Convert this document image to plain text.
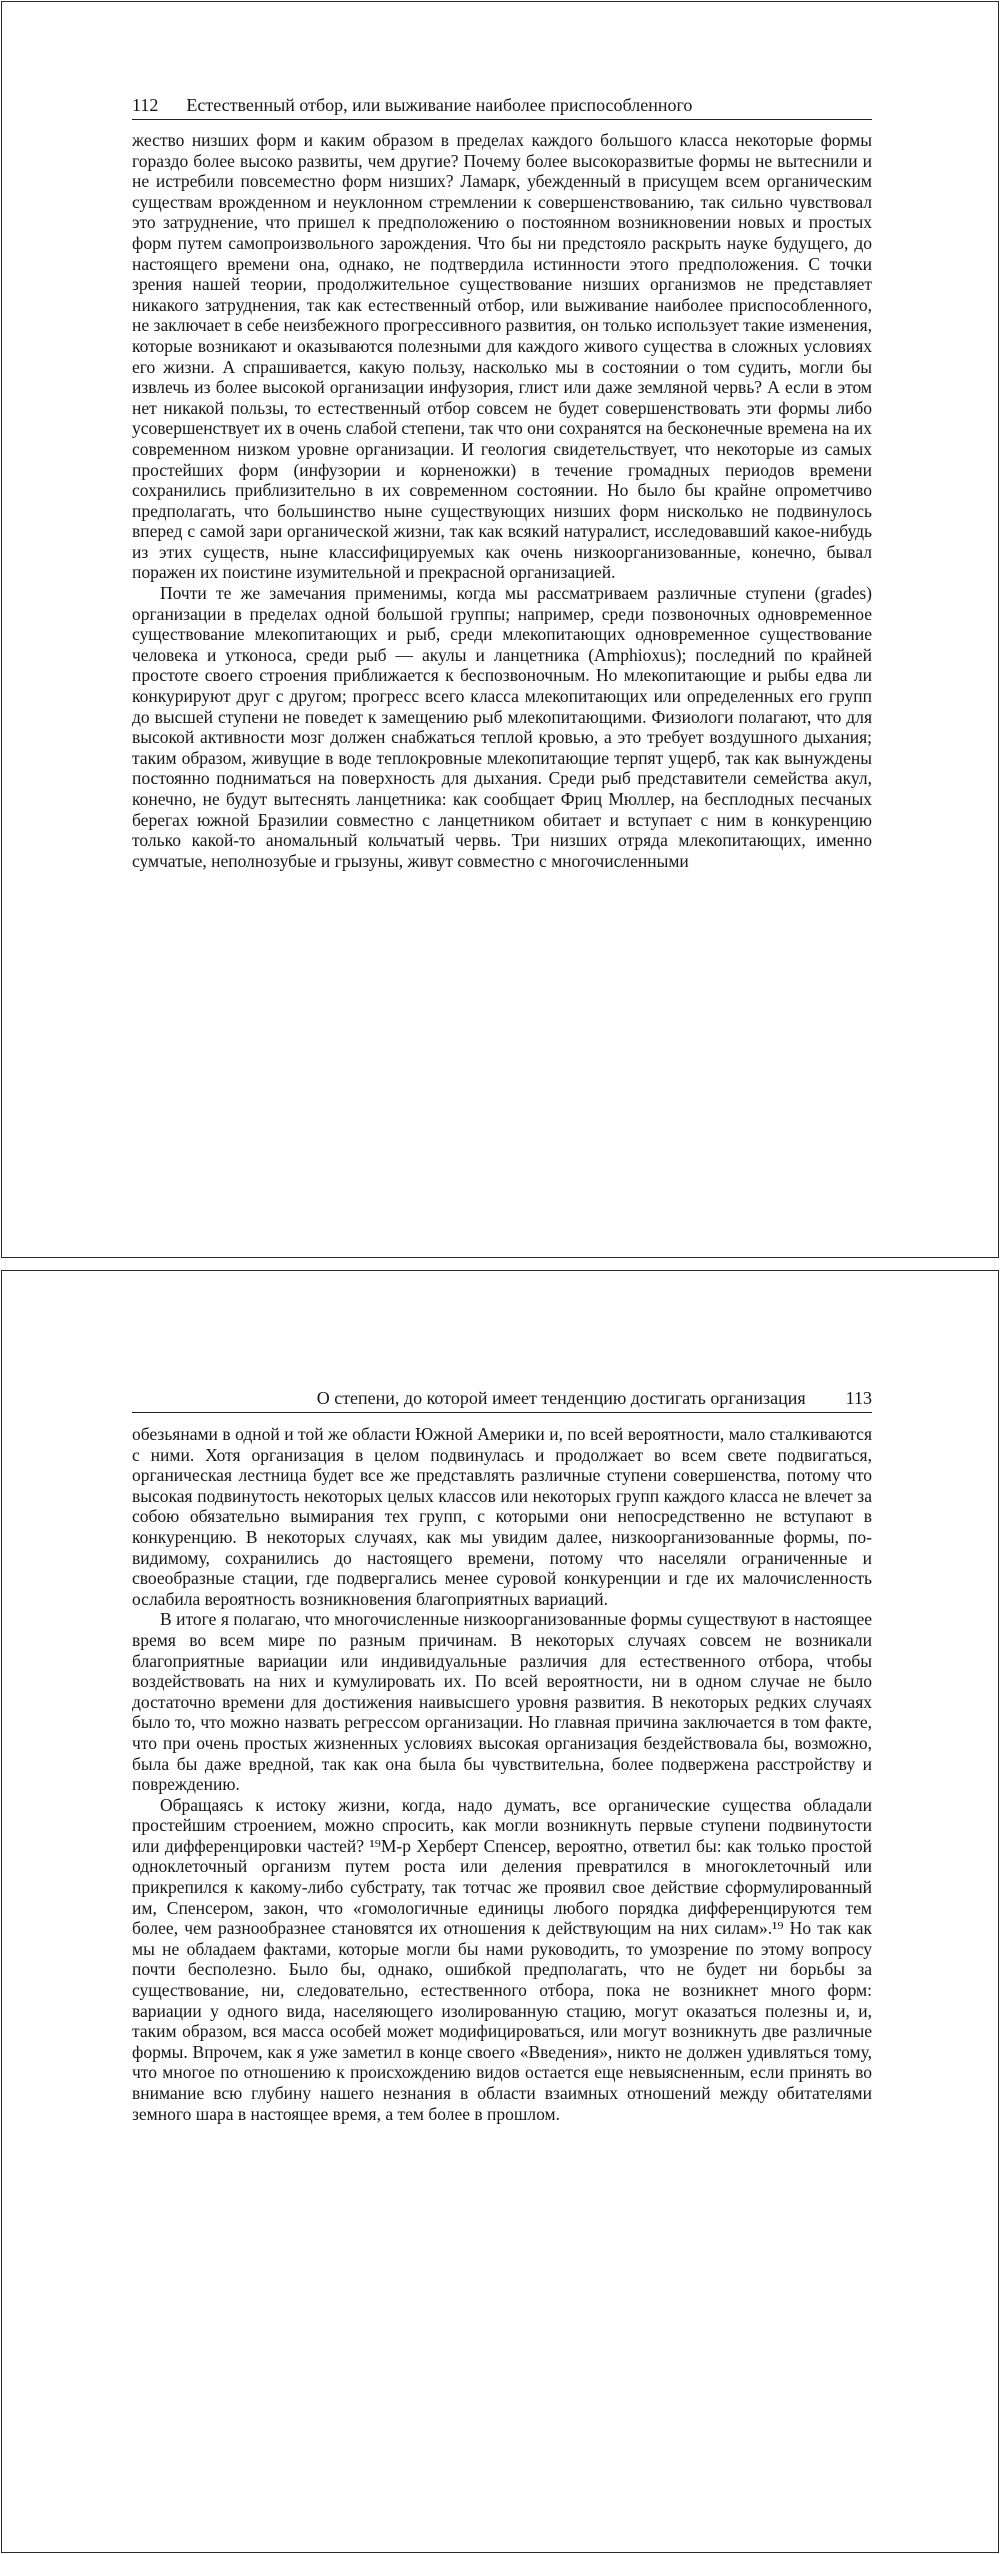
112 Естественный отбор, или выживание наиболее приспособленного

жество низших форм и каким образом в пределах каждого большого класса некоторые формы гораздо более высоко развиты, чем другие? Почему более высокоразвитые формы не вытеснили и не истребили повсеместно форм низших? Ламарк, убежденный в присущем всем органическим существам врожденном и неуклонном стремлении к совершенствованию, так сильно чувствовал это затруднение, что пришел к предположению о постоянном возникновении новых и простых форм путем самопроизвольного зарождения. Что бы ни предстояло раскрыть науке будущего, до настоящего времени она, однако, не подтвердила истинности этого предположения. С точки зрения нашей теории, продолжительное существование низших организмов не представляет никакого затруднения, так как естественный отбор, или выживание наиболее приспособленного, не заключает в себе неизбежного прогрессивного развития, он только использует такие изменения, которые возникают и оказываются полезными для каждого живого существа в сложных условиях его жизни. А спрашивается, какую пользу, насколько мы в состоянии о том судить, могли бы извлечь из более высокой организации инфузория, глист или даже земляной червь? А если в этом нет никакой пользы, то естественный отбор совсем не будет совершенствовать эти формы либо усовершенствует их в очень слабой степени, так что они сохранятся на бесконечные времена на их современном низком уровне организации. И геология свидетельствует, что некоторые из самых простейших форм (инфузории и корненожки) в течение громадных периодов времени сохранились приблизительно в их современном состоянии. Но было бы крайне опрометчиво предполагать, что большинство ныне существующих низших форм нисколько не подвинулось вперед с самой зари органической жизни, так как всякий натуралист, исследовавший какое-нибудь из этих существ, ныне классифицируемых как очень низкоорганизованные, конечно, бывал поражен их поистине изумительной и прекрасной организацией.

Почти те же замечания применимы, когда мы рассматриваем различные ступени (grades) организации в пределах одной большой группы; например, среди позвоночных одновременное существование млекопитающих и рыб, среди млекопитающих одновременное существование человека и утконоса, среди рыб — акулы и ланцетника (Amphioxus); последний по крайней простоте своего строения приближается к беспозвоночным. Но млекопитающие и рыбы едва ли конкурируют друг с другом; прогресс всего класса млекопитающих или определенных его групп до высшей ступени не поведет к замещению рыб млекопитающими. Физиологи полагают, что для высокой активности мозг должен снабжаться теплой кровью, а это требует воздушного дыхания; таким образом, живущие в воде теплокровные млекопитающие терпят ущерб, так как вынуждены постоянно подниматься на поверхность для дыхания. Среди рыб представители семейства акул, конечно, не будут вытеснять ланцетника: как сообщает Фриц Мюллер, на бесплодных песчаных берегах южной Бразилии совместно с ланцетником обитает и вступает с ним в конкуренцию только какой-то аномальный кольчатый червь. Три низших отряда млекопитающих, именно сумчатые, неполнозубые и грызуны, живут совместно с многочисленными

О степени, до которой имеет тенденцию достигать организация 113

обезьянами в одной и той же области Южной Америки и, по всей вероятности, мало сталкиваются с ними. Хотя организация в целом подвинулась и продолжает во всем свете подвигаться, органическая лестница будет все же представлять различные ступени совершенства, потому что высокая подвинутость некоторых целых классов или некоторых групп каждого класса не влечет за собою обязательно вымирания тех групп, с которыми они непосредственно не вступают в конкуренцию. В некоторых случаях, как мы увидим далее, низкоорганизованные формы, по-видимому, сохранились до настоящего времени, потому что населяли ограниченные и своеобразные стации, где подвергались менее суровой конкуренции и где их малочисленность ослабила вероятность возникновения благоприятных вариаций.

В итоге я полагаю, что многочисленные низкоорганизованные формы существуют в настоящее время во всем мире по разным причинам. В некоторых случаях совсем не возникали благоприятные вариации или индивидуальные различия для естественного отбора, чтобы воздействовать на них и кумулировать их. По всей вероятности, ни в одном случае не было достаточно времени для достижения наивысшего уровня развития. В некоторых редких случаях было то, что можно назвать регрессом организации. Но главная причина заключается в том факте, что при очень простых жизненных условиях высокая организация бездействовала бы, возможно, была бы даже вредной, так как она была бы чувствительна, более подвержена расстройству и повреждению.

Обращаясь к истоку жизни, когда, надо думать, все органические существа обладали простейшим строением, можно спросить, как могли возникнуть первые ступени подвинутости или дифференцировки частей? ¹⁹М-р Херберт Спенсер, вероятно, ответил бы: как только простой одноклеточный организм путем роста или деления превратился в многоклеточный или прикрепился к какому-либо субстрату, так тотчас же проявил свое действие сформулированный им, Спенсером, закон, что «гомологичные единицы любого порядка дифференцируются тем более, чем разнообразнее становятся их отношения к действующим на них силам».¹⁹ Но так как мы не обладаем фактами, которые могли бы нами руководить, то умозрение по этому вопросу почти бесполезно. Было бы, однако, ошибкой предполагать, что не будет ни борьбы за существование, ни, следовательно, естественного отбора, пока не возникнет много форм: вариации у одного вида, населяющего изолированную стацию, могут оказаться полезны и, и, таким образом, вся масса особей может модифицироваться, или могут возникнуть две различные формы. Впрочем, как я уже заметил в конце своего «Введения», никто не должен удивляться тому, что многое по отношению к происхождению видов остается еще невыясненным, если принять во внимание всю глубину нашего незнания в области взаимных отношений между обитателями земного шара в настоящее время, а тем более в прошлом.
